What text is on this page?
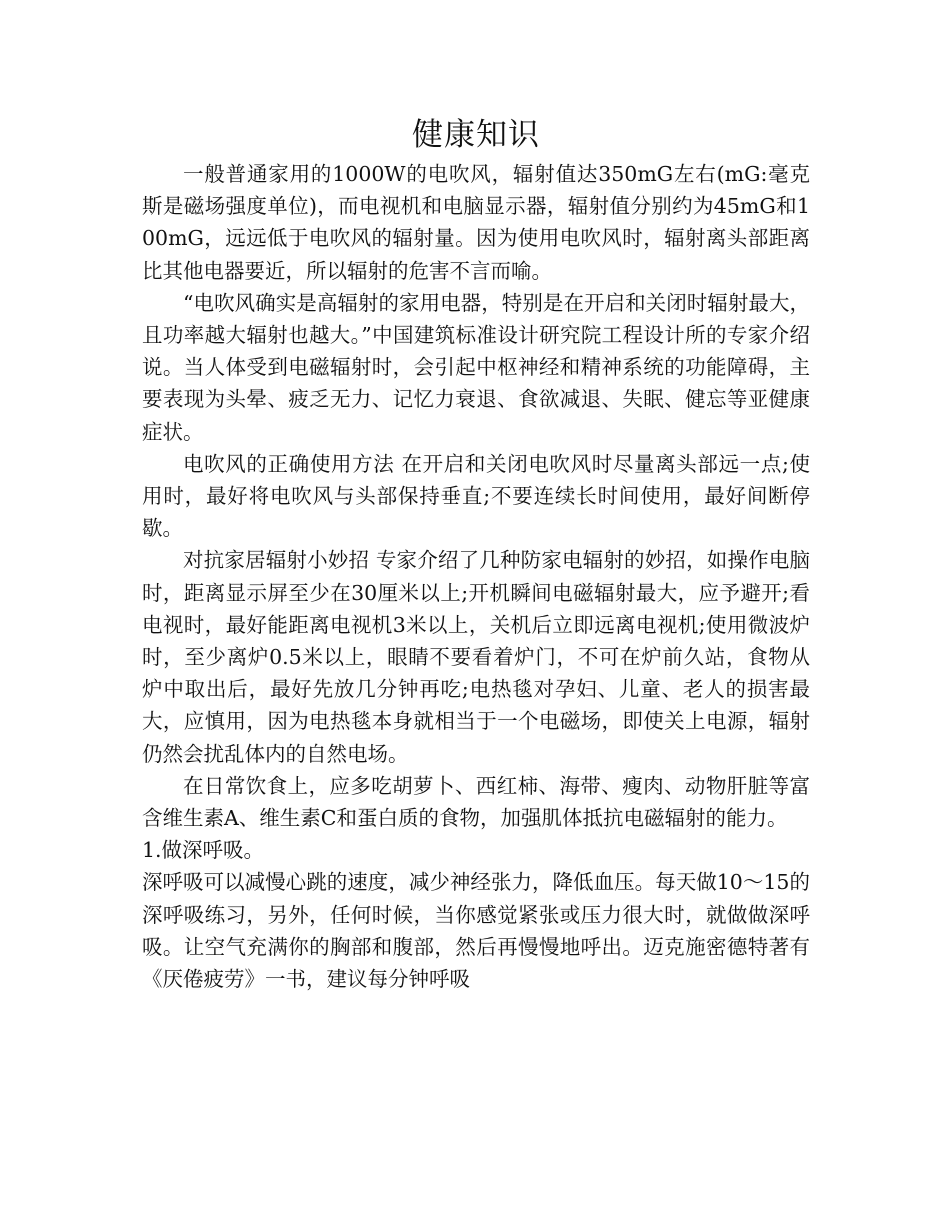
健康知识

一般普通家用的1000W的电吹风，辐射值达350mG左右(mG:毫克斯是磁场强度单位)，而电视机和电脑显示器，辐射值分别约为45mG和100mG，远远低于电吹风的辐射量。因为使用电吹风时，辐射离头部距离比其他电器要近，所以辐射的危害不言而喻。

“电吹风确实是高辐射的家用电器，特别是在开启和关闭时辐射最大，且功率越大辐射也越大。”中国建筑标准设计研究院工程设计所的专家介绍说。当人体受到电磁辐射时，会引起中枢神经和精神系统的功能障碍，主要表现为头晕、疲乏无力、记忆力衰退、食欲减退、失眠、健忘等亚健康症状。

电吹风的正确使用方法 在开启和关闭电吹风时尽量离头部远一点;使用时，最好将电吹风与头部保持垂直;不要连续长时间使用，最好间断停歇。

对抗家居辐射小妙招 专家介绍了几种防家电辐射的妙招，如操作电脑时，距离显示屏至少在30厘米以上;开机瞬间电磁辐射最大，应予避开;看电视时，最好能距离电视机3米以上，关机后立即远离电视机;使用微波炉时，至少离炉0.5米以上，眼睛不要看着炉门，不可在炉前久站，食物从炉中取出后，最好先放几分钟再吃;电热毯对孕妇、儿童、老人的损害最大，应慎用，因为电热毯本身就相当于一个电磁场，即使关上电源，辐射仍然会扰乱体内的自然电场。

在日常饮食上，应多吃胡萝卜、西红柿、海带、瘦肉、动物肝脏等富含维生素A、维生素C和蛋白质的食物，加强肌体抵抗电磁辐射的能力。

1.做深呼吸。

深呼吸可以减慢心跳的速度，减少神经张力，降低血压。每天做10～15的深呼吸练习，另外，任何时候，当你感觉紧张或压力很大时，就做做深呼吸。让空气充满你的胸部和腹部，然后再慢慢地呼出。迈克施密德特著有《厌倦疲劳》一书，建议每分钟呼吸
